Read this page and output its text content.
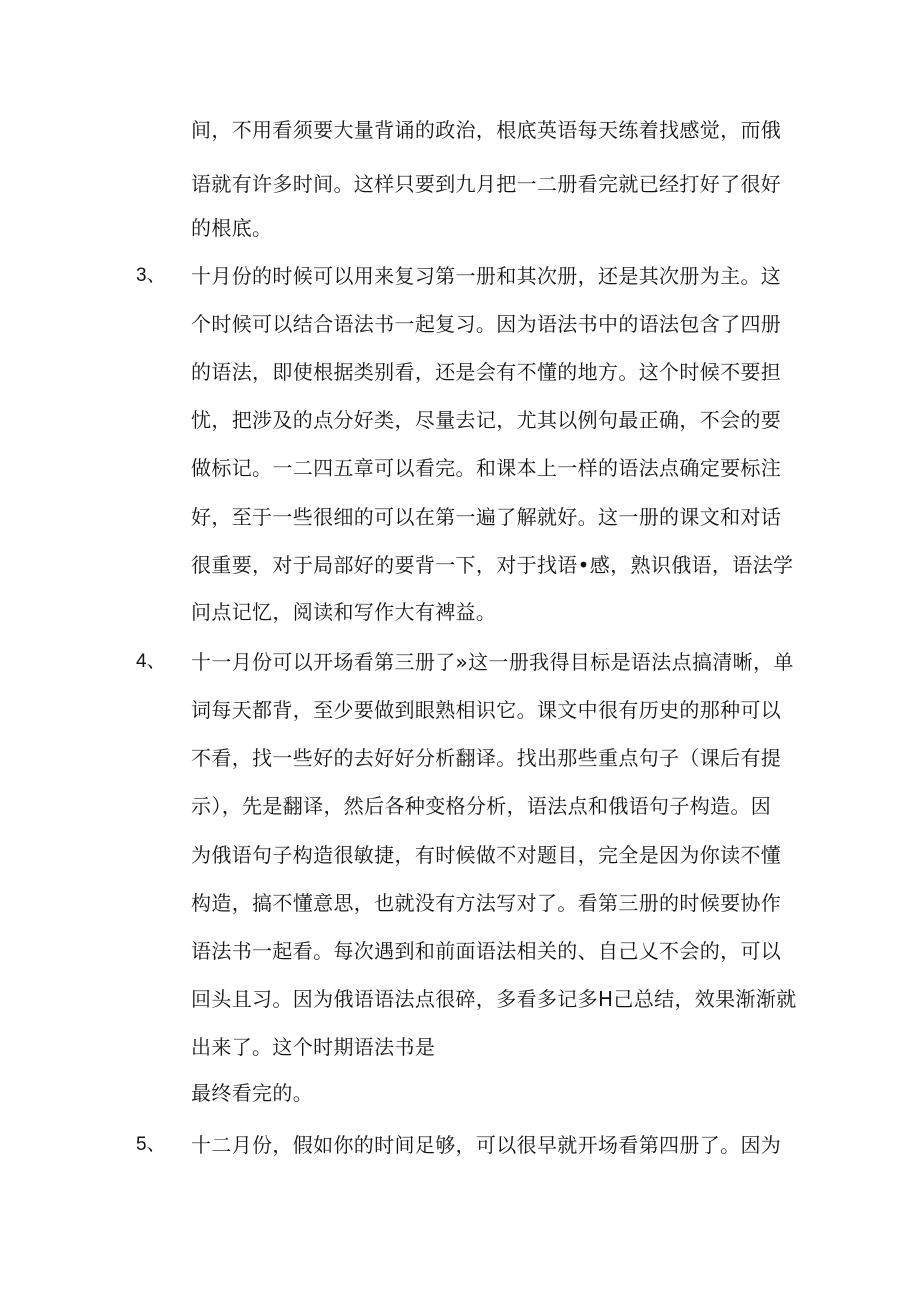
间，不用看须要大量背诵的政治，根底英语每天练着找感觉，而俄
语就有许多时间。这样只要到九月把一二册看完就已经打好了很好
的根底。
3、 十月份的时候可以用来复习第一册和其次册，还是其次册为主。这
个时候可以结合语法书一起复习。因为语法书中的语法包含了四册
的语法，即使根据类别看，还是会有不懂的地方。这个时候不要担
忧，把涉及的点分好类，尽量去记，尤其以例句最正确，不会的要
做标记。一二四五章可以看完。和课本上一样的语法点确定要标注
好，至于一些很细的可以在第一遍了解就好。这一册的课文和对话
很重要，对于局部好的要背一下，对于找语•感，熟识俄语，语法学
问点记忆，阅读和写作大有裨益。
4、 十一月份可以开场看第三册了»这一册我得目标是语法点搞清晰，单
词每天都背，至少要做到眼熟相识它。课文中很有历史的那种可以
不看，找一些好的去好好分析翻译。找出那些重点句子（课后有提
示），先是翻译，然后各种变格分析，语法点和俄语句子构造。因
为俄语句子构造很敏捷，有时候做不对题目，完全是因为你读不懂
构造，搞不懂意思，也就没有方法写对了。看第三册的时候要协作
语法书一起看。每次遇到和前面语法相关的、自己乂不会的，可以
回头且习。因为俄语语法点很碎，多看多记多H己总结，效果渐渐就
出来了。这个时期语法书是
最终看完的。
5、 十二月份，假如你的时间足够，可以很早就开场看第四册了。因为
